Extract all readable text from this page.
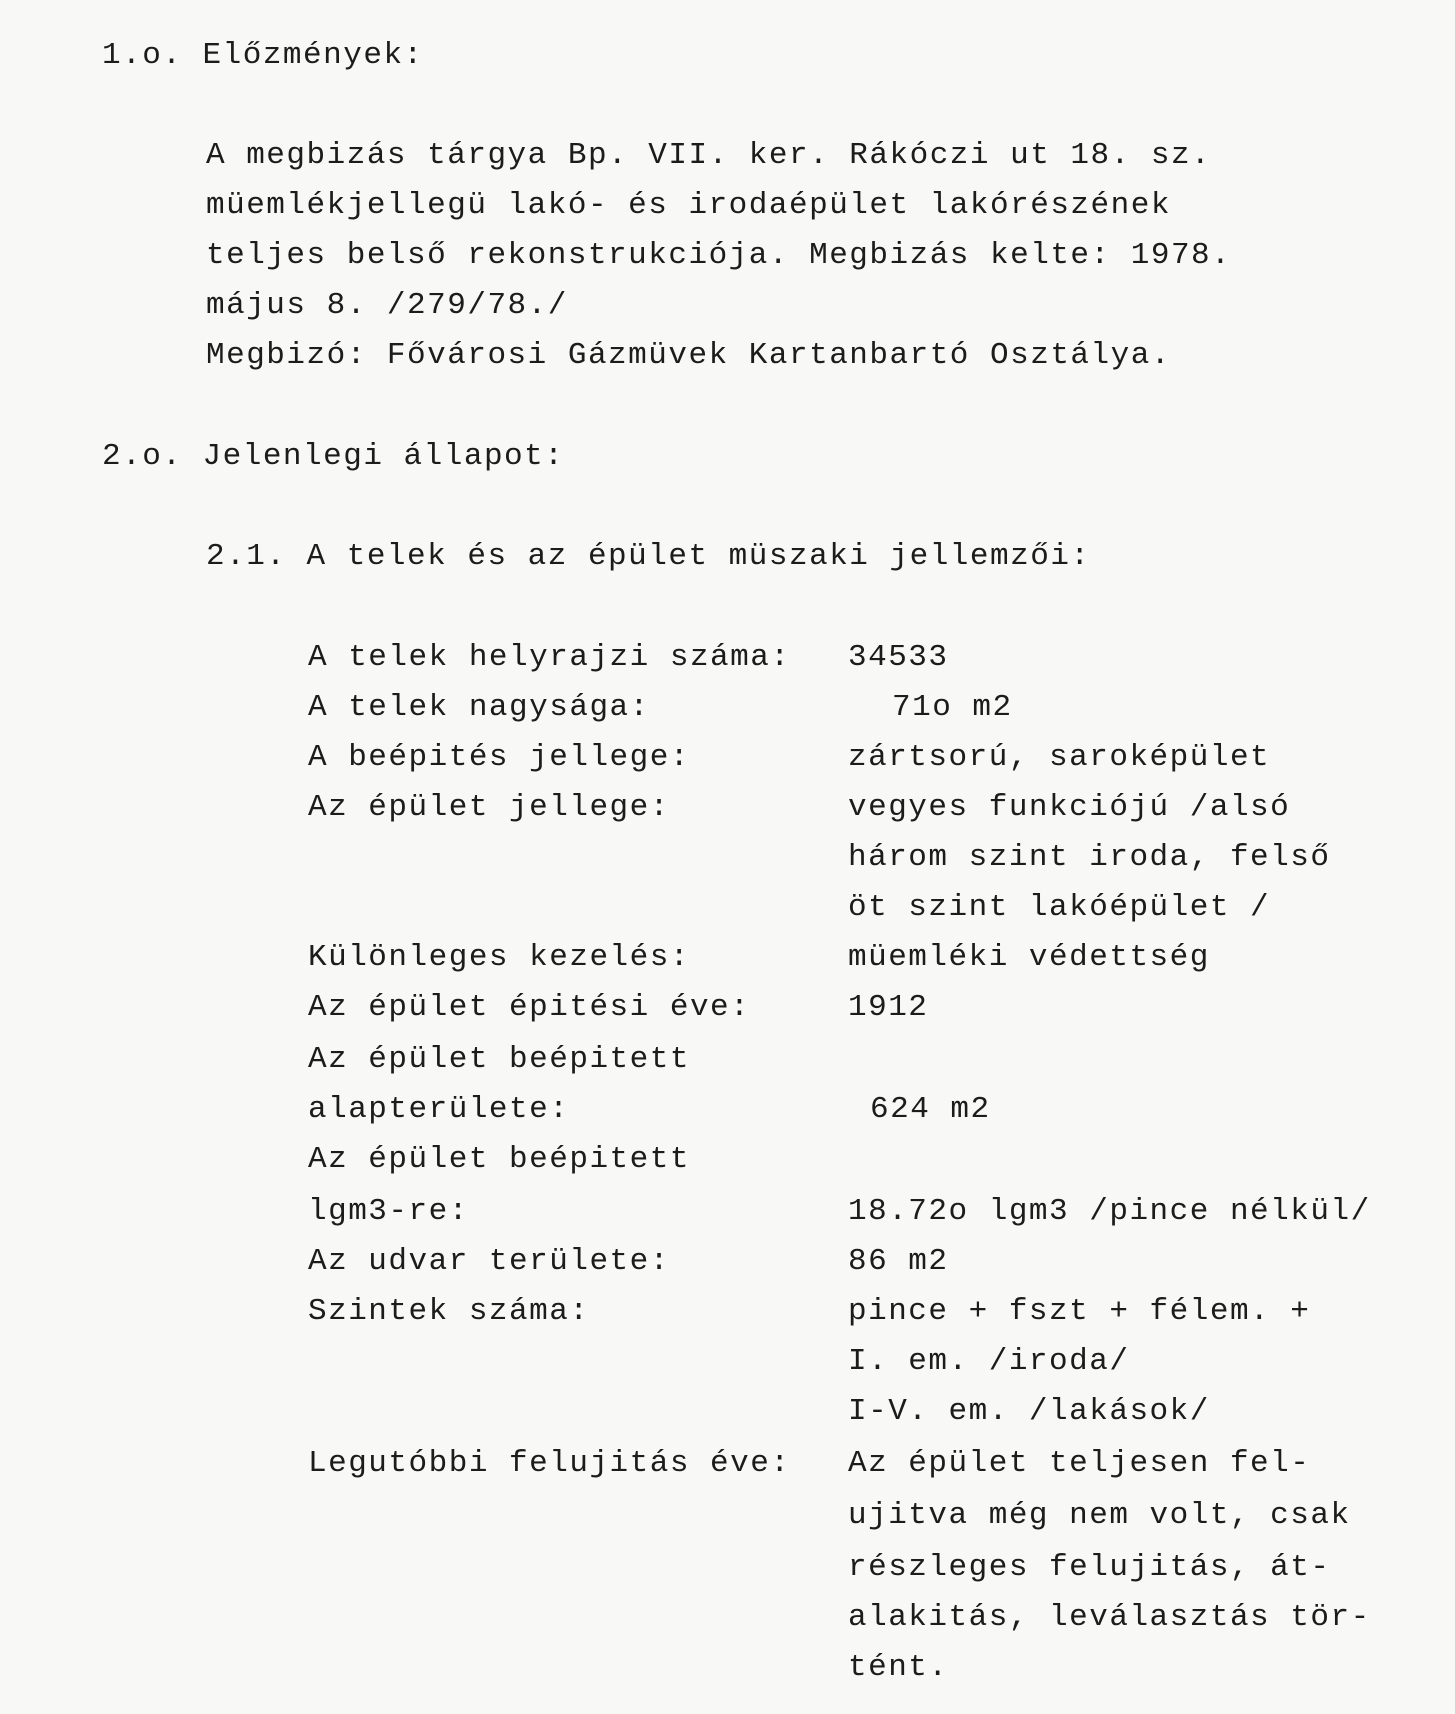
1.o. Előzmények:
A megbizás tárgya Bp. VII. ker. Rákóczi ut 18. sz.
müemlékjellegü lakó- és irodaépület lakórészének
teljes belső rekonstrukciója. Megbizás kelte: 1978.
május 8. /279/78./
Megbizó: Fővárosi Gázmüvek Kartanbartó Osztálya.
2.o. Jelenlegi állapot:
2.1. A telek és az épület müszaki jellemzői:
A telek helyrajzi száma: 34533
A telek nagysága:	71o m2
A beépités jellege:	zártsorú, saroképület
Az épület jellege:	vegyes funkciójú /alsó
három szint iroda, felső
öt szint lakóépület /
Különleges kezelés:	müemléki védettség
Az épület épitési éve:	1912
Az épület beépitett
alapterülete:	624 m2
Az épület beépitett
lgm3-re:	18.72o lgm3 /pince nélkül/
Az udvar területe:	86 m2
Szintek száma:	pince + fszt + félem. +
I. em. /iroda/
I-V. em. /lakások/
Legutóbbi felujitás éve: Az épület teljesen fel-
ujitva még nem volt, csak
részleges felujitás, át-
alakitás, leválasztás tör-
tént.
